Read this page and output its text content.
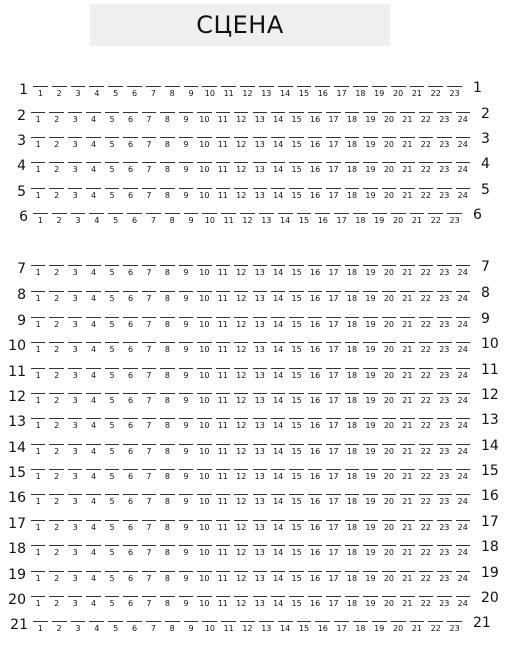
СЦЕНА
1	1	2	3	4	5	6	7	8	9	10	11	12	13	14	15	16	17	18	19	20	21	22	23 1
2	1	2	3	4	5	6	7	8	9	10	11	12	13	14	15	16	17	18	19	20	21	22	23	24 2
3	1	2	3	4	5	6	7	8	9	10	11	12	13	14	15	16	17	18	19	20	21	22	23	24 3
4	1	2	3	4	5	6	7	8	9	10	11	12	13	14	15	16	17	18	19	20	21	22	23	24 4
5	1	2	3	4	5	6	7	8	9	10	11	12	13	14	15	16	17	18	19	20	21	22	23	24 5
6	1	2	3	4	5	6	7	8	9	10	11	12	13	14	15	16	17	18	19	20	21	22	23 6
7	1	2	3	4	5	6	7	8	9	10	11	12	13	14	15	16	17	18	19	20	21	22	23	24 7
8	1	2	3	4	5	6	7	8	9	10	11	12	13	14	15	16	17	18	19	20	21	22	23	24 8
9	1	2	3	4	5	6	7	8	9	10	11	12	13	14	15	16	17	18	19	20	21	22	23	24 9
10	1	2	3	4	5	6	7	8	9	10	11	12	13	14	15	16	17	18	19	20	21	22	23	24 10
11	1	2	3	4	5	6	7	8	9	10	11	12	13	14	15	16	17	18	19	20	21	22	23	24 11
12	1	2	3	4	5	6	7	8	9	10	11	12	13	14	15	16	17	18	19	20	21	22	23	24 12
13	1	2	3	4	5	6	7	8	9	10	11	12	13	14	15	16	17	18	19	20	21	22	23	24 13
14	1	2	3	4	5	6	7	8	9	10	11	12	13	14	15	16	17	18	19	20	21	22	23	24 14
15	1	2	3	4	5	6	7	8	9	10	11	12	13	14	15	16	17	18	19	20	21	22	23	24 15
16	1	2	3	4	5	6	7	8	9	10	11	12	13	14	15	16	17	18	19	20	21	22	23	24 16
17	1	2	3	4	5	6	7	8	9	10	11	12	13	14	15	16	17	18	19	20	21	22	23	24 17
18	1	2	3	4	5	6	7	8	9	10	11	12	13	14	15	16	17	18	19	20	21	22	23	24 18
19	1	2	3	4	5	6	7	8	9	10	11	12	13	14	15	16	17	18	19	20	21	22	23	24 19
20	1	2	3	4	5	6	7	8	9	10	11	12	13	14	15	16	17	18	19	20	21	22	23	24 20
21	1	2	3	4	5	6	7	8	9	10	11	12	13	14	15	16	17	18	19	20	21	22	23 21
